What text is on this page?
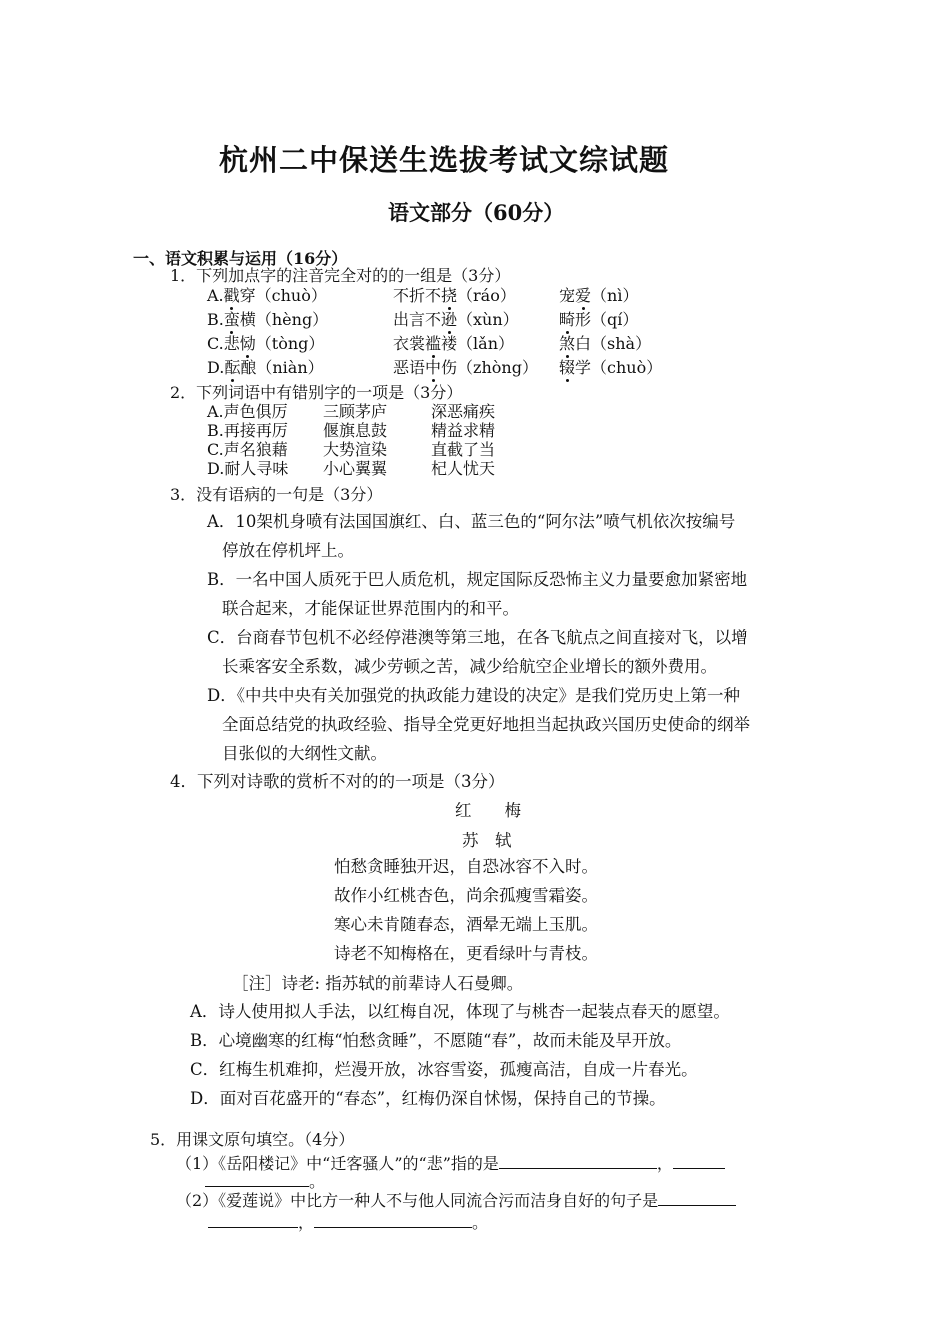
杭州二中保送生选拔考试文综试题
语文部分（60分）
一、语文积累与运用（16分）
1．下列加点字的注音完全对的的一组是（3分）
A.戳穿（chuò）	不折不挠（ráo）	宠爱（nì）
B.蛮横（hèng）	出言不逊（xùn）	畸形（qí）
C.悲恸（tòng）	衣裳褴褛（lǎn）	煞白（shà）
D.酝酿（niàn）	恶语中伤（zhòng） 辍学（chuò）
2．下列词语中有错别字的一项是（3分）
A.声色俱厉 三顾茅庐	深恶痛疾
B.再接再厉 偃旗息鼓	精益求精
C.声名狼藉 大势渲染	直截了当
D.耐人寻味 小心翼翼	杞人忧天
3．没有语病的一句是（3分）
A．10架机身喷有法国国旗红、白、蓝三色的“阿尔法”喷气机依次按编号
停放在停机坪上。
B．一名中国人质死于巴人质危机，规定国际反恐怖主义力量要愈加紧密地
联合起来，才能保证世界范围内的和平。
C．台商春节包机不必经停港澳等第三地，在各飞航点之间直接对飞，以增
长乘客安全系数，减少劳顿之苦，减少给航空企业增长的额外费用。
D．《中共中央有关加强党的执政能力建设的决定》是我们党历史上第一种
全面总结党的执政经验、指导全党更好地担当起执政兴国历史使命的纲举
目张似的大纲性文献。
4．下列对诗歌的赏析不对的的一项是（3分）
红　　梅
苏　轼
怕愁贪睡独开迟，自恐冰容不入时。
故作小红桃杏色，尚余孤瘦雪霜姿。
寒心未肯随春态，酒晕无端上玉肌。
诗老不知梅格在，更看绿叶与青枝。
［注］诗老: 指苏轼的前辈诗人石曼卿。
A．诗人使用拟人手法，以红梅自况，体现了与桃杏一起装点春天的愿望。
B．心境幽寒的红梅“怕愁贪睡”，不愿随“春”，故而未能及早开放。
C．红梅生机难抑，烂漫开放，冰容雪姿，孤瘦高洁，自成一片春光。
D．面对百花盛开的“春态”，红梅仍深自怵惕，保持自己的节操。
5．用课文原句填空。（4分）
（1）《岳阳楼记》中“迁客骚人”的“悲”指的是	，
。
（2）《爱莲说》中比方一种人不与他人同流合污而洁身自好的句子是
，	。
